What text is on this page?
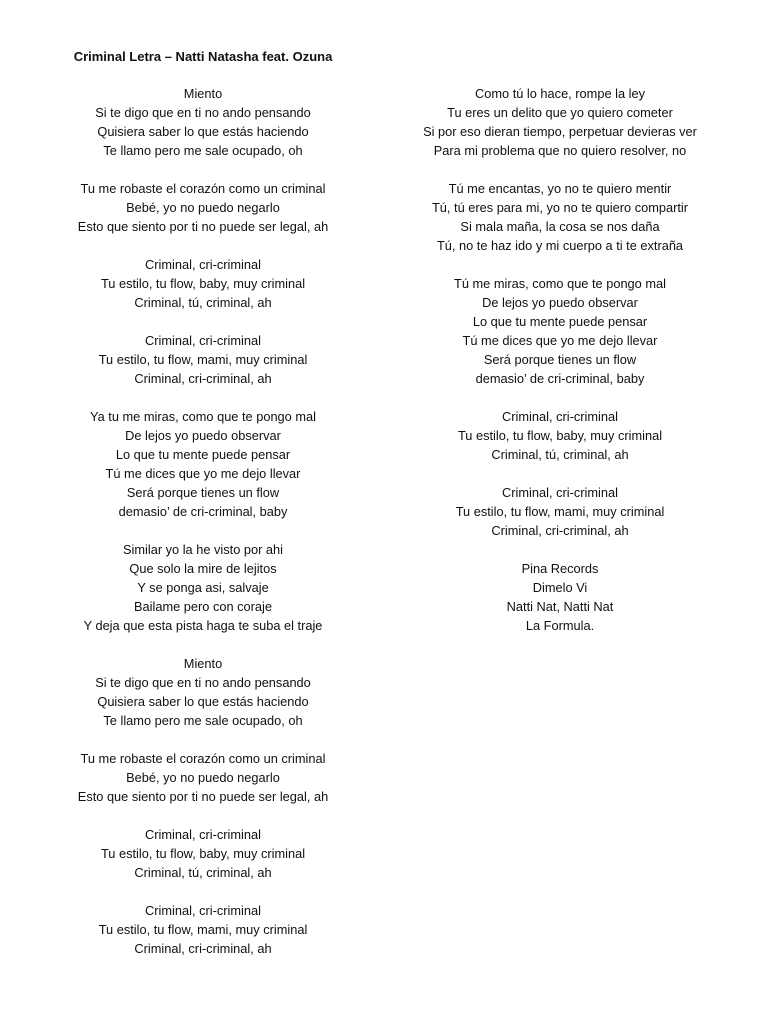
Criminal Letra – Natti Natasha feat. Ozuna
Miento
Si te digo que en ti no ando pensando
Quisiera saber lo que estás haciendo
Te llamo pero me sale ocupado, oh
Tu me robaste el corazón como un criminal
Bebé, yo no puedo negarlo
Esto que siento por ti no puede ser legal, ah
Criminal, cri-criminal
Tu estilo, tu flow, baby, muy criminal
Criminal, tú, criminal, ah
Criminal, cri-criminal
Tu estilo, tu flow, mami, muy criminal
Criminal, cri-criminal, ah
Ya tu me miras, como que te pongo mal
De lejos yo puedo observar
Lo que tu mente puede pensar
Tú me dices que yo me dejo llevar
Será porque tienes un flow
demasio’ de cri-criminal, baby
Similar yo la he visto por ahi
Que solo la mire de lejitos
Y se ponga asi, salvaje
Bailame pero con coraje
Y deja que esta pista haga te suba el traje
Miento
Si te digo que en ti no ando pensando
Quisiera saber lo que estás haciendo
Te llamo pero me sale ocupado, oh
Tu me robaste el corazón como un criminal
Bebé, yo no puedo negarlo
Esto que siento por ti no puede ser legal, ah
Criminal, cri-criminal
Tu estilo, tu flow, baby, muy criminal
Criminal, tú, criminal, ah
Criminal, cri-criminal
Tu estilo, tu flow, mami, muy criminal
Criminal, cri-criminal, ah
Como tú lo hace, rompe la ley
Tu eres un delito que yo quiero cometer
Si por eso dieran tiempo, perpetuar devieras ver
Para mi problema que no quiero resolver, no
Tú me encantas, yo no te quiero mentir
Tú, tú eres para mi, yo no te quiero compartir
Si mala maña, la cosa se nos daña
Tú, no te haz ido y mi cuerpo a ti te extraña
Tú me miras, como que te pongo mal
De lejos yo puedo observar
Lo que tu mente puede pensar
Tú me dices que yo me dejo llevar
Será porque tienes un flow
demasio’ de cri-criminal, baby
Criminal, cri-criminal
Tu estilo, tu flow, baby, muy criminal
Criminal, tú, criminal, ah
Criminal, cri-criminal
Tu estilo, tu flow, mami, muy criminal
Criminal, cri-criminal, ah
Pina Records
Dimelo Vi
Natti Nat, Natti Nat
La Formula.
